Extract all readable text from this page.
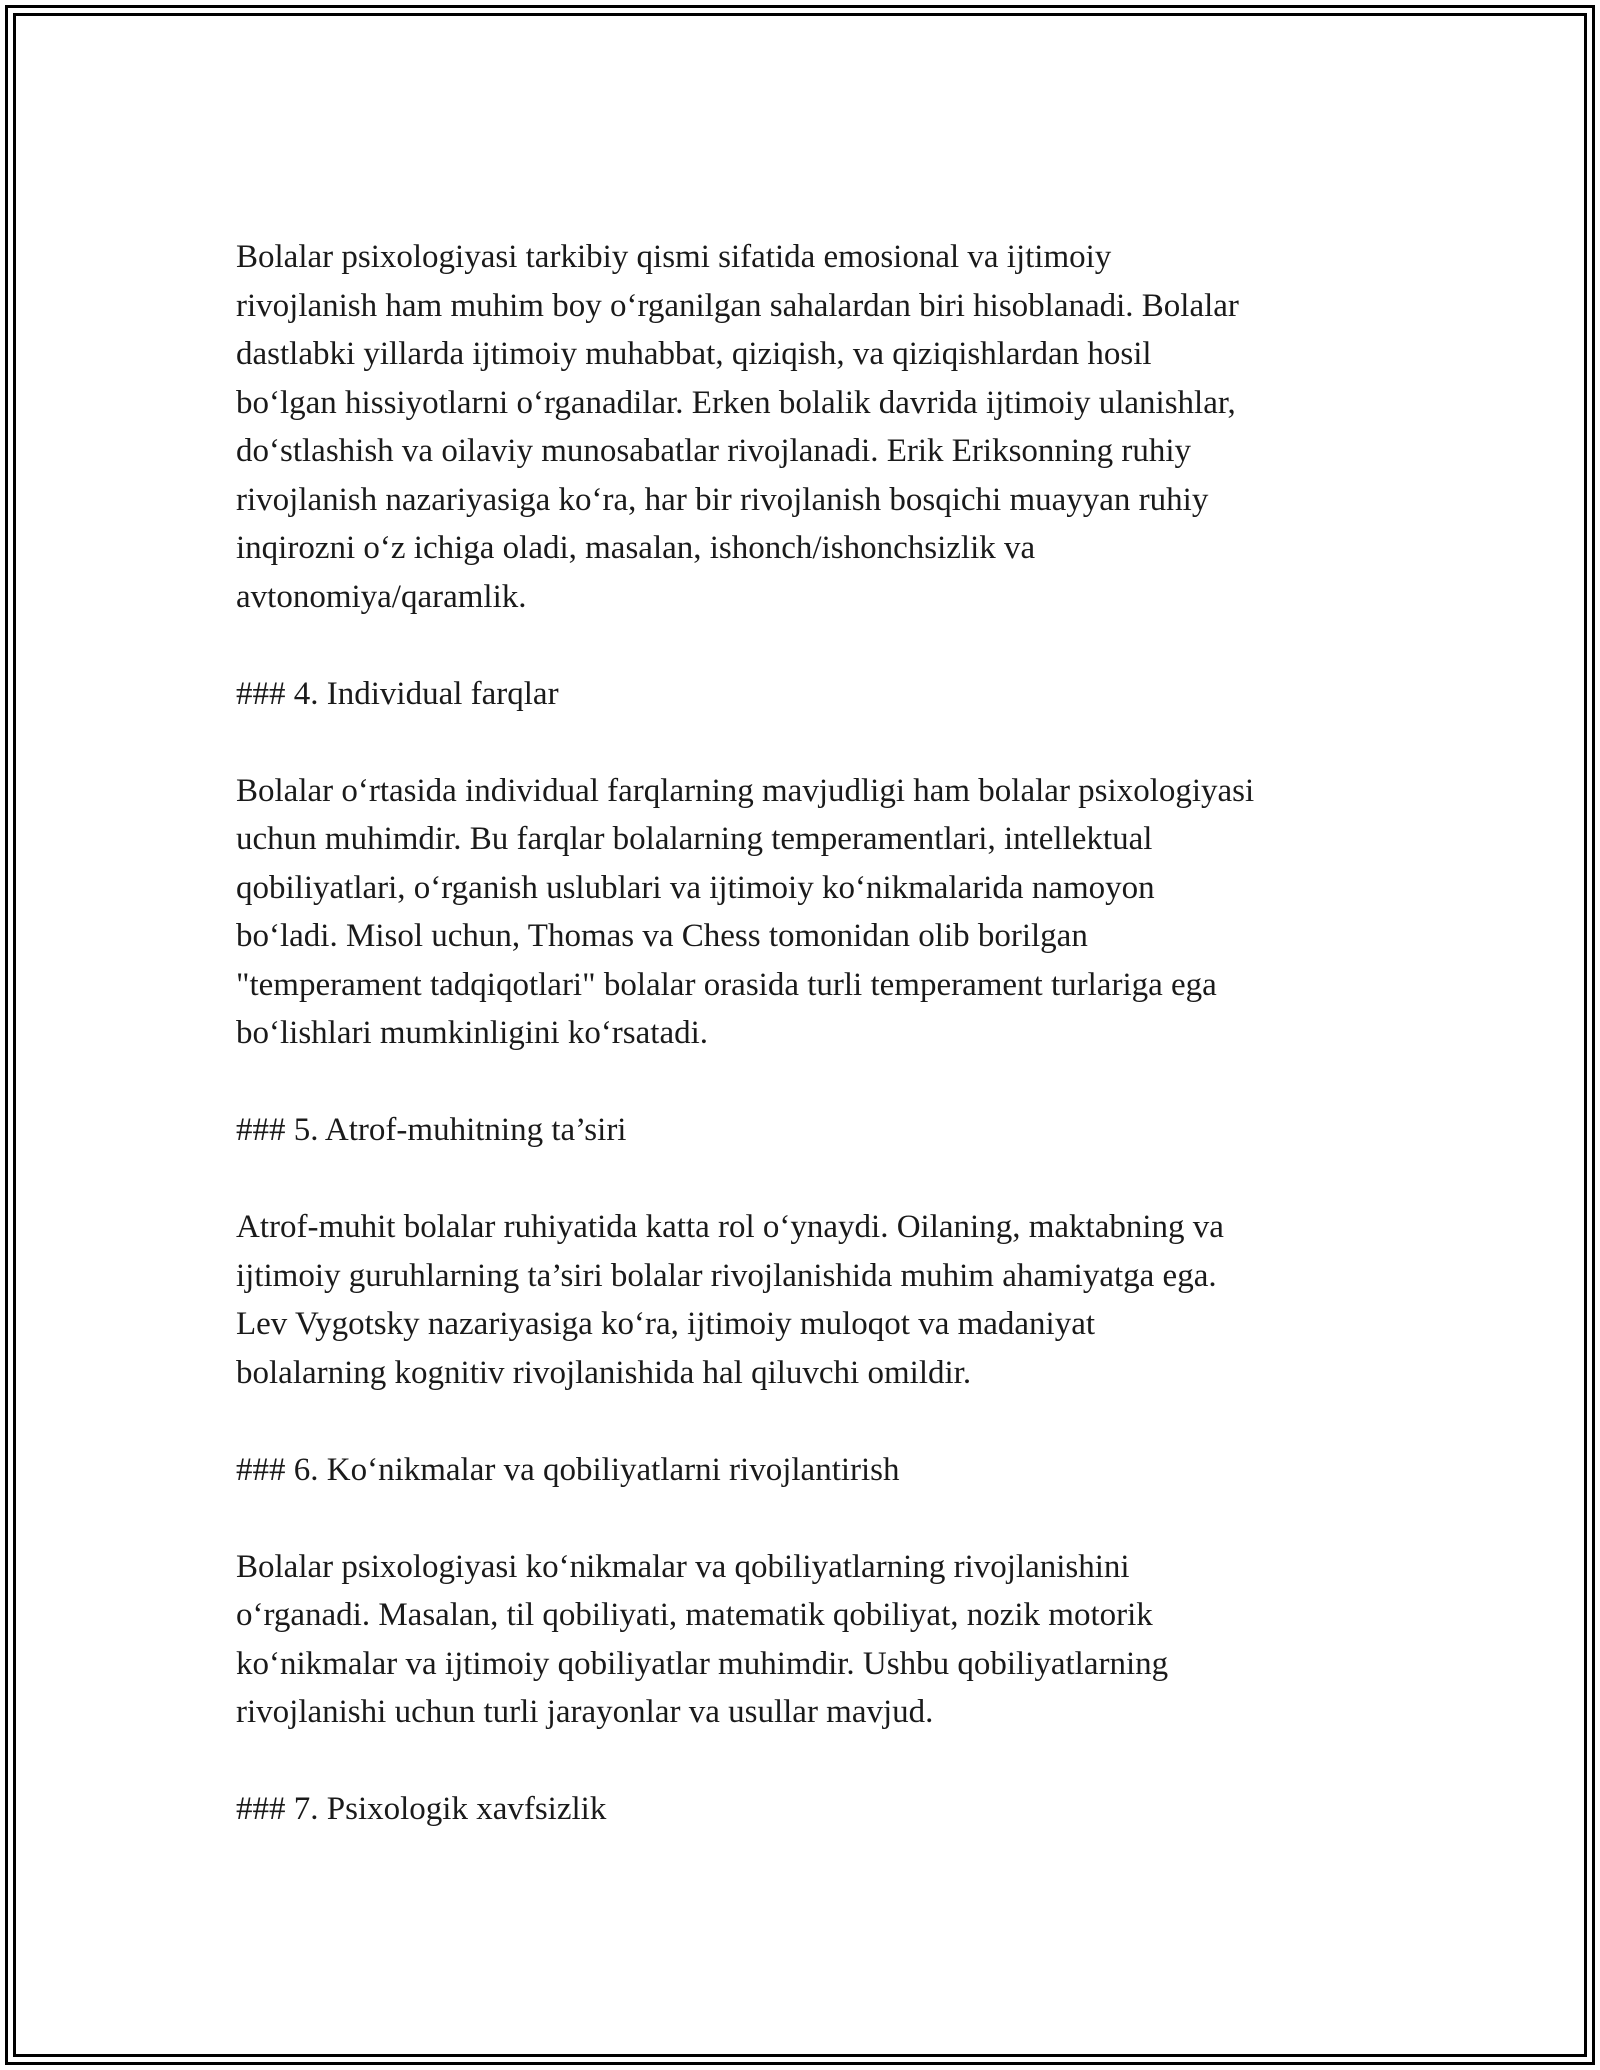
Bolalar psixologiyasi tarkibiy qismi sifatida emosional va ijtimoiy
rivojlanish ham muhim boy o‘rganilgan sahalardan biri hisoblanadi. Bolalar
dastlabki yillarda ijtimoiy muhabbat, qiziqish, va qiziqishlardan hosil
bo‘lgan hissiyotlarni o‘rganadilar. Erken bolalik davrida ijtimoiy ulanishlar,
do‘stlashish va oilaviy munosabatlar rivojlanadi. Erik Eriksonning ruhiy
rivojlanish nazariyasiga ko‘ra, har bir rivojlanish bosqichi muayyan ruhiy
inqirozni o‘z ichiga oladi, masalan, ishonch/ishonchsizlik va
avtonomiya/qaramlik.

### 4. Individual farqlar

Bolalar o‘rtasida individual farqlarning mavjudligi ham bolalar psixologiyasi
uchun muhimdir. Bu farqlar bolalarning temperamentlari, intellektual
qobiliyatlari, o‘rganish uslublari va ijtimoiy ko‘nikmalarida namoyon
bo‘ladi. Misol uchun, Thomas va Chess tomonidan olib borilgan
"temperament tadqiqotlari" bolalar orasida turli temperament turlariga ega
bo‘lishlari mumkinligini ko‘rsatadi.

### 5. Atrof-muhitning ta’siri

Atrof-muhit bolalar ruhiyatida katta rol o‘ynaydi. Oilaning, maktabning va
ijtimoiy guruhlarning ta’siri bolalar rivojlanishida muhim ahamiyatga ega.
Lev Vygotsky nazariyasiga ko‘ra, ijtimoiy muloqot va madaniyat
bolalarning kognitiv rivojlanishida hal qiluvchi omildir.

### 6. Ko‘nikmalar va qobiliyatlarni rivojlantirish

Bolalar psixologiyasi ko‘nikmalar va qobiliyatlarning rivojlanishini
o‘rganadi. Masalan, til qobiliyati, matematik qobiliyat, nozik motorik
ko‘nikmalar va ijtimoiy qobiliyatlar muhimdir. Ushbu qobiliyatlarning
rivojlanishi uchun turli jarayonlar va usullar mavjud.

### 7. Psixologik xavfsizlik
